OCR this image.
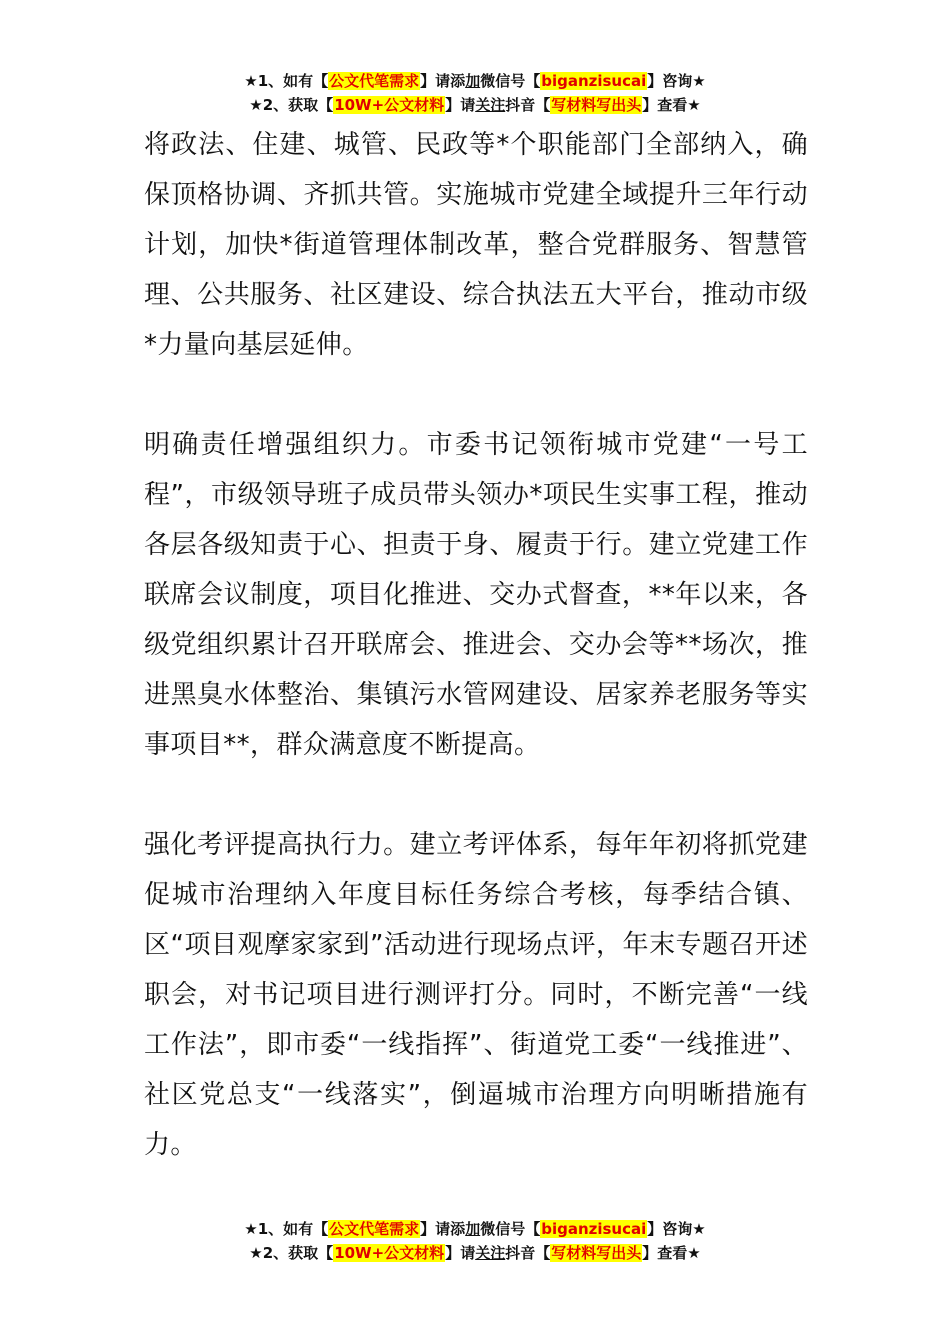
★1、如有【公文代笔需求】请添加微信号【biganzisucai】咨询★
★2、获取【10W+公文材料】请关注抖音【写材料写出头】查看★

将政法、住建、城管、民政等*个职能部门全部纳入，确保顶格协调、齐抓共管。实施城市党建全域提升三年行动计划，加快*街道管理体制改革，整合党群服务、智慧管理、公共服务、社区建设、综合执法五大平台，推动市级*力量向基层延伸。

明确责任增强组织力。市委书记领衔城市党建“一号工程”，市级领导班子成员带头领办*项民生实事工程，推动各层各级知责于心、担责于身、履责于行。建立党建工作联席会议制度，项目化推进、交办式督查，**年以来，各级党组织累计召开联席会、推进会、交办会等**场次，推进黑臭水体整治、集镇污水管网建设、居家养老服务等实事项目**，群众满意度不断提高。

强化考评提高执行力。建立考评体系，每年年初将抓党建促城市治理纳入年度目标任务综合考核，每季结合镇、区“项目观摩家家到”活动进行现场点评，年末专题召开述职会，对书记项目进行测评打分。同时，不断完善“一线工作法”，即市委“一线指挥”、街道党工委“一线推进”、社区党总支“一线落实”，倒逼城市治理方向明晰措施有力。

★1、如有【公文代笔需求】请添加微信号【biganzisucai】咨询★
★2、获取【10W+公文材料】请关注抖音【写材料写出头】查看★
